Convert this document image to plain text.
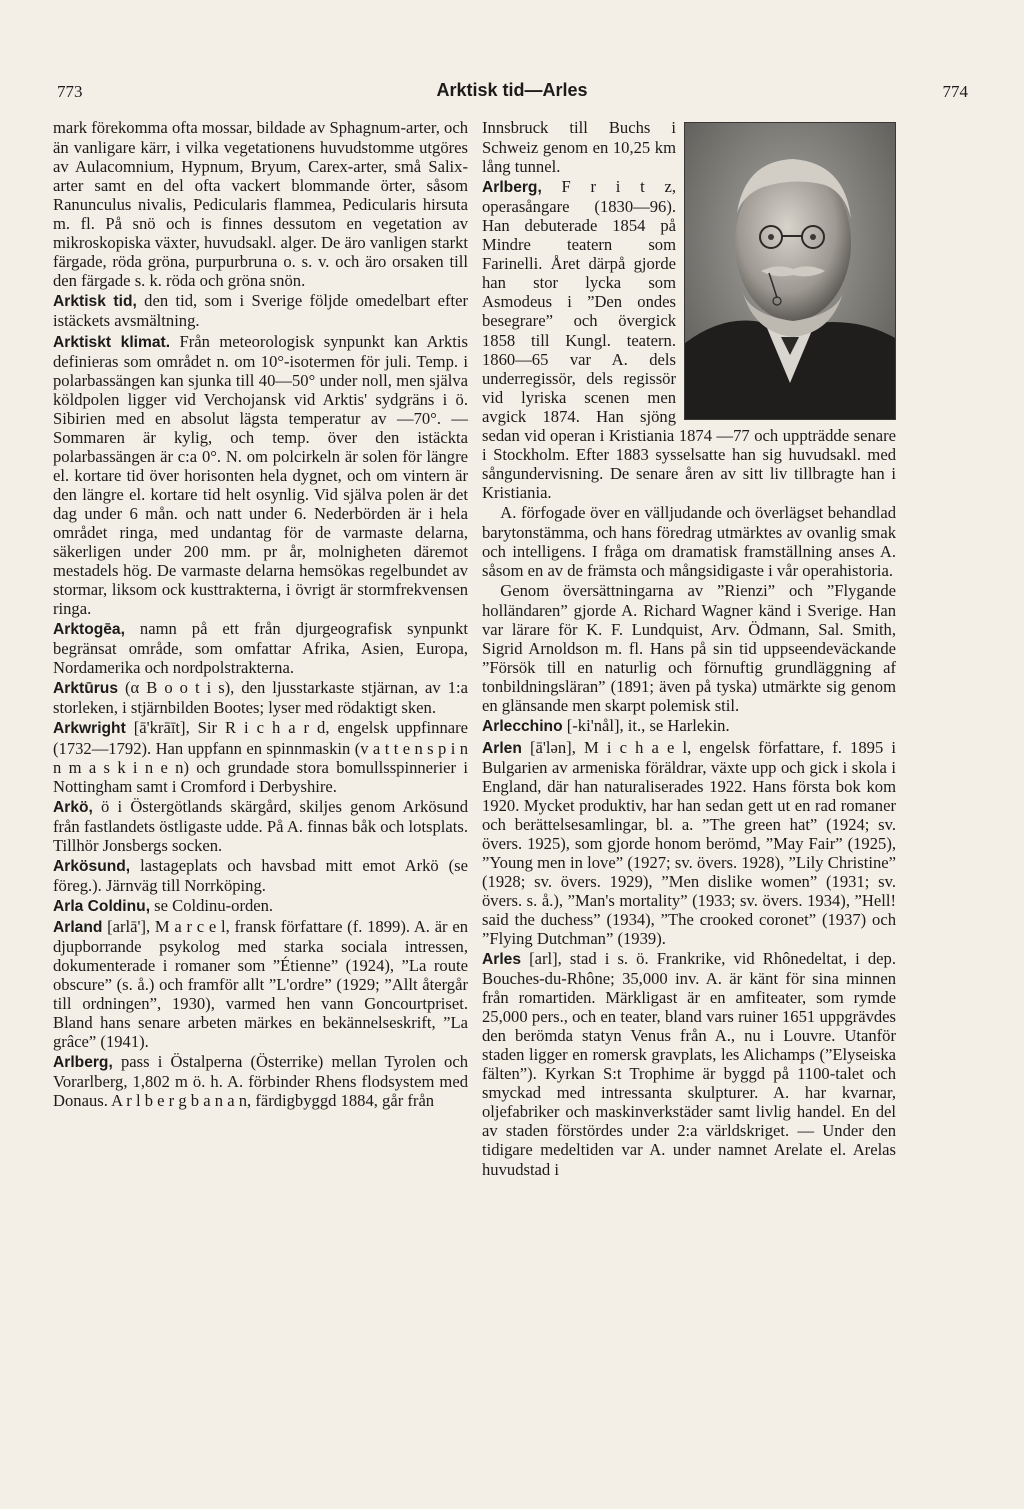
773	Arktisk tid—Arles	774

mark förekomma ofta mossar, bildade av Sphagnum-arter, och än vanligare kärr, i vilka vegetationens huvudstomme utgöres av Aulacomnium, Hypnum, Bryum, Carex-arter, små Salix-arter samt en del ofta vackert blommande örter, såsom Ranunculus nivalis, Pedicularis flammea, Pedicularis hirsuta m. fl. På snö och is finnes dessutom en vegetation av mikroskopiska växter, huvudsakl. alger. De äro vanligen starkt färgade, röda gröna, purpurbruna o. s. v. och äro orsaken till den färgade s. k. röda och gröna snön.

Arktisk tid, den tid, som i Sverige följde omedelbart efter istäckets avsmältning.

Arktiskt klimat. Från meteorologisk synpunkt kan Arktis definieras som området n. om 10°-isotermen för juli. Temp. i polarbassängen kan sjunka till 40—50° under noll, men själva köldpolen ligger vid Verchojansk vid Arktis' sydgräns i ö. Sibirien med en absolut lägsta temperatur av —70°. — Sommaren är kylig, och temp. över den istäckta polarbassängen är c:a 0°. N. om polcirkeln är solen för längre el. kortare tid över horisonten hela dygnet, och om vintern är den längre el. kortare tid helt osynlig. Vid själva polen är det dag under 6 mån. och natt under 6. Nederbörden är i hela området ringa, med undantag för de varmaste delarna, säkerligen under 200 mm. pr år, molnigheten däremot mestadels hög. De varmaste delarna hemsökas regelbundet av stormar, liksom ock kusttrakterna, i övrigt är stormfrekvensen ringa.

Arktogēa, namn på ett från djurgeografisk synpunkt begränsat område, som omfattar Afrika, Asien, Europa, Nordamerika och nordpolstrakterna.

Arktūrus (α B o o t i s), den ljusstarkaste stjärnan, av 1:a storleken, i stjärnbilden Bootes; lyser med rödaktigt sken.

Arkwright [ā'krāīt], Sir R i c h a r d, engelsk uppfinnare (1732—1792). Han uppfann en spinnmaskin (v a t t e n s p i n n m a s k i n e n) och grundade stora bomullsspinnerier i Nottingham samt i Cromford i Derbyshire.

Arkö, ö i Östergötlands skärgård, skiljes genom Arkösund från fastlandets östligaste udde. På A. finnas båk och lotsplats. Tillhör Jonsbergs socken.

Arkösund, lastageplats och havsbad mitt emot Arkö (se föreg.). Järnväg till Norrköping.

Arla Coldinu, se Coldinu-orden.

Arland [arlā'], M a r c e l, fransk författare (f. 1899). A. är en djupborrande psykolog med starka sociala intressen, dokumenterade i romaner som ”Étienne” (1924), ”La route obscure” (s. å.) och framför allt ”L'ordre” (1929; ”Allt återgår till ordningen”, 1930), varmed hen vann Goncourtpriset. Bland hans senare arbeten märkes en bekännelseskrift, ”La grâce” (1941).

Arlberg, pass i Östalperna (Österrike) mellan Tyrolen och Vorarlberg, 1,802 m ö. h. A. förbinder Rhens flodsystem med Donaus. A r l b e r g b a n a n, färdigbyggd 1884, går från

Innsbruck till Buchs i Schweiz genom en 10,25 km lång tunnel.

Arlberg, F r i t z, operasångare (1830—96). Han debuterade 1854 på Mindre teatern som Farinelli. Året därpå gjorde han stor lycka som Asmodeus i ”Den ondes besegrare” och övergick 1858 till Kungl. teatern. 1860—65 var A. dels underregissör, dels regissör vid lyriska scenen men avgick 1874. Han sjöng sedan vid operan i Kristiania 1874 —77 och uppträdde senare i Stockholm. Efter 1883 sysselsatte han sig huvudsakl. med sångundervisning. De senare åren av sitt liv tillbragte han i Kristiania.

A. förfogade över en välljudande och överlägset behandlad barytonstämma, och hans föredrag utmärktes av ovanlig smak och intelligens. I fråga om dramatisk framställning anses A. såsom en av de främsta och mångsidigaste i vår operahistoria.

Genom översättningarna av ”Rienzi” och ”Flygande holländaren” gjorde A. Richard Wagner känd i Sverige. Han var lärare för K. F. Lundquist, Arv. Ödmann, Sal. Smith, Sigrid Arnoldson m. fl. Hans på sin tid uppseendeväckande ”Försök till en naturlig och förnuftig grundläggning af tonbildningsläran” (1891; även på tyska) utmärkte sig genom en glänsande men skarpt polemisk stil.

Arlecchino [-ki'nål], it., se Harlekin.

Arlen [ā'lən], M i c h a e l, engelsk författare, f. 1895 i Bulgarien av armeniska föräldrar, växte upp och gick i skola i England, där han naturaliserades 1922. Hans första bok kom 1920. Mycket produktiv, har han sedan gett ut en rad romaner och berättelsesamlingar, bl. a. ”The green hat” (1924; sv. övers. 1925), som gjorde honom berömd, ”May Fair” (1925), ”Young men in love” (1927; sv. övers. 1928), ”Lily Christine” (1928; sv. övers. 1929), ”Men dislike women” (1931; sv. övers. s. å.), ”Man's mortality” (1933; sv. övers. 1934), ”Hell! said the duchess” (1934), ”The crooked coronet” (1937) och ”Flying Dutchman” (1939).

Arles [arl], stad i s. ö. Frankrike, vid Rhônedeltat, i dep. Bouches-du-Rhône; 35,000 inv. A. är känt för sina minnen från romartiden. Märkligast är en amfiteater, som rymde 25,000 pers., och en teater, bland vars ruiner 1651 uppgrävdes den berömda statyn Venus från A., nu i Louvre. Utanför staden ligger en romersk gravplats, les Alichamps (”Elyseiska fälten”). Kyrkan S:t Trophime är byggd på 1100-talet och smyckad med intressanta skulpturer. A. har kvarnar, oljefabriker och maskinverkstäder samt livlig handel. En del av staden förstördes under 2:a världskriget. — Under den tidigare medeltiden var A. under namnet Arelate el. Arelas huvudstad i
